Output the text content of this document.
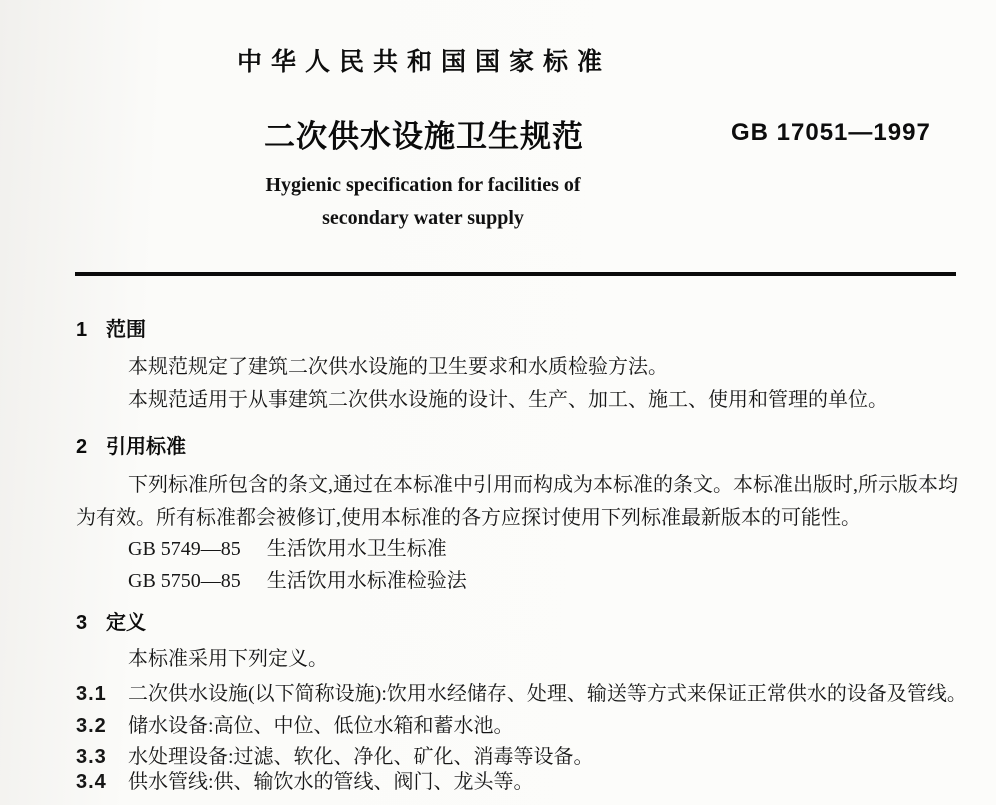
中华人民共和国国家标准
二次供水设施卫生规范	GB 17051—1997
Hygienic specification for facilities of
secondary water supply
1 范围
本规范规定了建筑二次供水设施的卫生要求和水质检验方法。
本规范适用于从事建筑二次供水设施的设计、生产、加工、施工、使用和管理的单位。
2 引用标准
下列标准所包含的条文,通过在本标准中引用而构成为本标准的条文。本标准出版时,所示版本均
为有效。所有标准都会被修订,使用本标准的各方应探讨使用下列标准最新版本的可能性。
GB 5749—85 生活饮用水卫生标准
GB 5750—85 生活饮用水标准检验法
3 定义
本标准采用下列定义。
3.1 二次供水设施(以下简称设施):饮用水经储存、处理、输送等方式来保证正常供水的设备及管线。
3.2 储水设备:高位、中位、低位水箱和蓄水池。
3.3 水处理设备:过滤、软化、净化、矿化、消毒等设备。
3.4 供水管线:供、输饮水的管线、阀门、龙头等。
